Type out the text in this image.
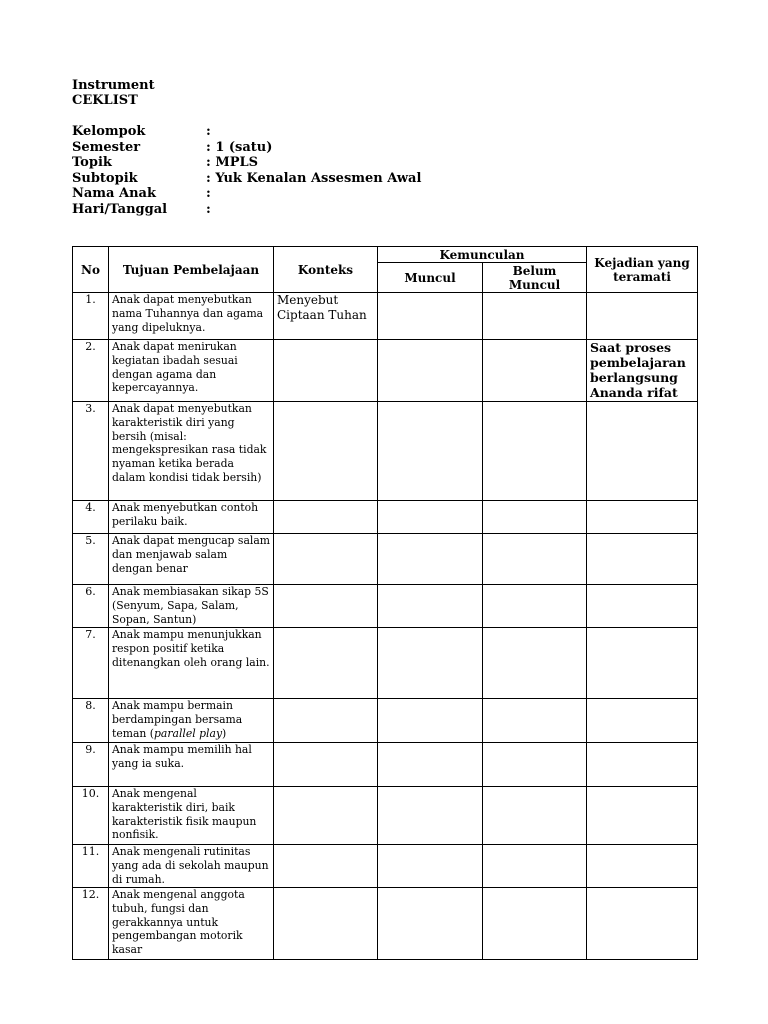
Instrument
CEKLIST
Kelompok	:
Semester	: 1 (satu)
Topik	: MPLS
Subtopik	: Yuk Kenalan Assesmen Awal
Nama Anak	:
Hari/Tanggal	:
No	Tujuan Pembelajaan	Konteks	Kemunculan		Kejadian yang teramati
			Muncul	Belum Muncul	
1.	Anak dapat menyebutkan nama Tuhannya dan agama yang dipeluknya.	Menyebut Ciptaan Tuhan			
2.	Anak dapat menirukan kegiatan ibadah sesuai dengan agama dan kepercayannya.				Saat proses pembelajaran berlangsung Ananda rifat
3.	Anak dapat menyebutkan karakteristik diri yang bersih (misal: mengekspresikan rasa tidak nyaman ketika berada dalam kondisi tidak bersih)				
4.	Anak menyebutkan contoh perilaku baik.				
5.	Anak dapat mengucap salam dan menjawab salam dengan benar				
6.	Anak membiasakan sikap 5S (Senyum, Sapa, Salam, Sopan, Santun)				
7.	Anak mampu menunjukkan respon positif ketika ditenangkan oleh orang lain.				
8.	Anak mampu bermain berdampingan bersama teman (parallel play)				
9.	Anak mampu memilih hal yang ia suka.				
10.	Anak mengenal karakteristik diri, baik karakteristik fisik maupun nonfisik.				
11.	Anak mengenali rutinitas yang ada di sekolah maupun di rumah.				
12.	Anak mengenal anggota tubuh, fungsi dan gerakkannya untuk pengembangan motorik kasar				
